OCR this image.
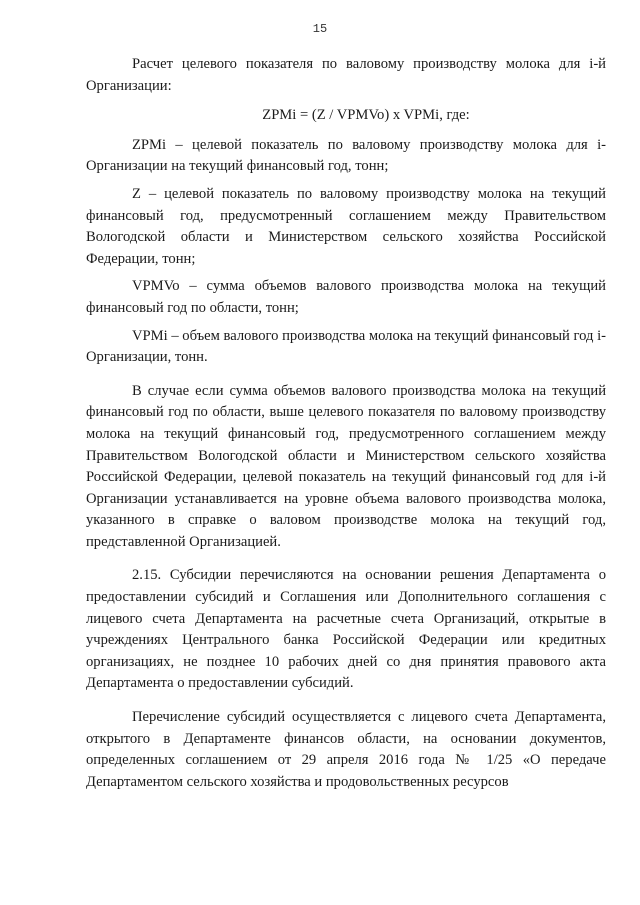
15

Расчет целевого показателя по валовому производству молока для i-й Организации:

ZPMi = (Z / VPMVo) x VPMi, где:

ZPMi – целевой показатель по валовому производству молока для i-Организации на текущий финансовый год, тонн;

Z – целевой показатель по валовому производству молока на текущий финансовый год, предусмотренный соглашением между Правительством Вологодской области и Министерством сельского хозяйства Российской Федерации, тонн;

VPMVo – сумма объемов валового производства молока на текущий финансовый год по области, тонн;

VPMi – объем валового производства молока на текущий финансовый год i-Организации, тонн.

В случае если сумма объемов валового производства молока на текущий финансовый год по области, выше целевого показателя по валовому производству молока на текущий финансовый год, предусмотренного соглашением между Правительством Вологодской области и Министерством сельского хозяйства Российской Федерации, целевой показатель на текущий финансовый год для i-й Организации устанавливается на уровне объема валового производства молока, указанного в справке о валовом производстве молока на текущий год, представленной Организацией.

2.15. Субсидии перечисляются на основании решения Департамента о предоставлении субсидий и Соглашения или Дополнительного соглашения с лицевого счета Департамента на расчетные счета Организаций, открытые в учреждениях Центрального банка Российской Федерации или кредитных организациях, не позднее 10 рабочих дней со дня принятия правового акта Департамента о предоставлении субсидий.

Перечисление субсидий осуществляется с лицевого счета Департамента, открытого в Департаменте финансов области, на основании документов, определенных соглашением от 29 апреля 2016 года № 1/25 «О передаче Департаментом сельского хозяйства и продовольственных ресурсов
